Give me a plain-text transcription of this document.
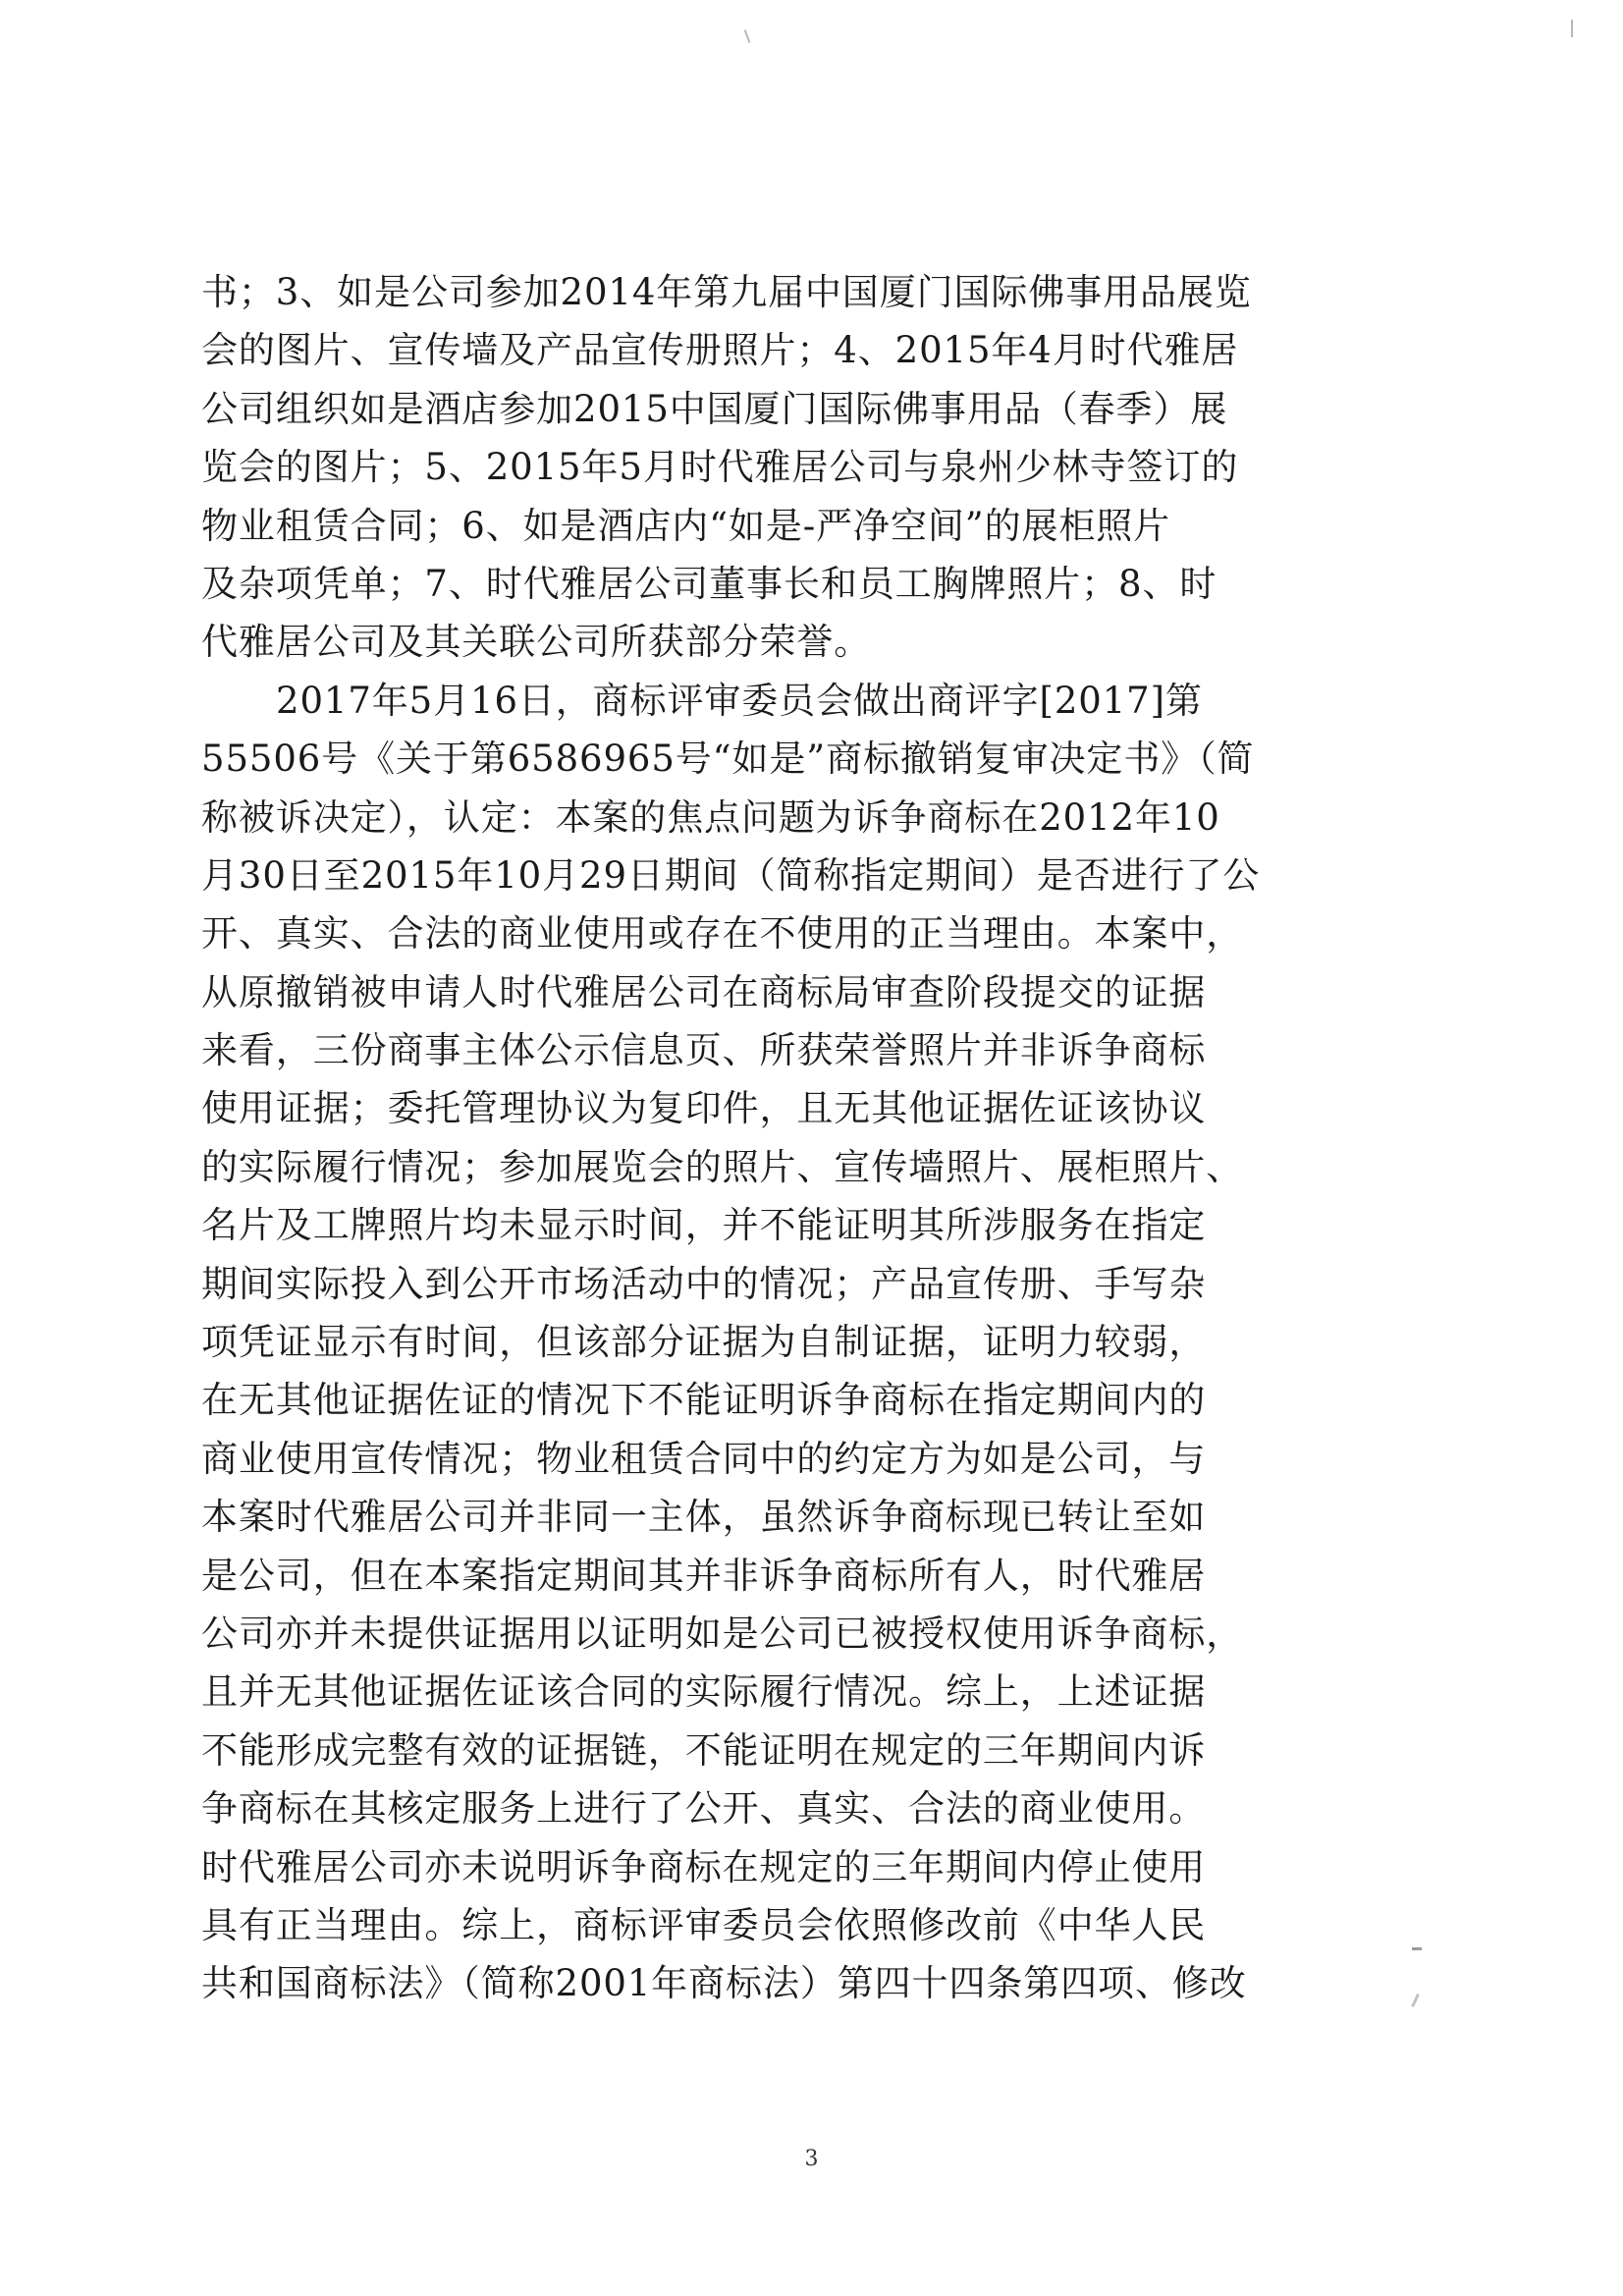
书；3、如是公司参加2014年第九届中国厦门国际佛事用品展览
会的图片、宣传墙及产品宣传册照片；4、2015年4月时代雅居
公司组织如是酒店参加2015中国厦门国际佛事用品（春季）展
览会的图片；5、2015年5月时代雅居公司与泉州少林寺签订的
物业租赁合同；6、如是酒店内“如是-严净空间”的展柜照片
及杂项凭单；7、时代雅居公司董事长和员工胸牌照片；8、时
代雅居公司及其关联公司所获部分荣誉。
2017年5月16日，商标评审委员会做出商评字[2017]第
55506号《关于第6586965号“如是”商标撤销复审决定书》（简
称被诉决定），认定：本案的焦点问题为诉争商标在2012年10
月30日至2015年10月29日期间（简称指定期间）是否进行了公
开、真实、合法的商业使用或存在不使用的正当理由。本案中，
从原撤销被申请人时代雅居公司在商标局审查阶段提交的证据
来看，三份商事主体公示信息页、所获荣誉照片并非诉争商标
使用证据；委托管理协议为复印件，且无其他证据佐证该协议
的实际履行情况；参加展览会的照片、宣传墙照片、展柜照片、
名片及工牌照片均未显示时间，并不能证明其所涉服务在指定
期间实际投入到公开市场活动中的情况；产品宣传册、手写杂
项凭证显示有时间，但该部分证据为自制证据，证明力较弱，
在无其他证据佐证的情况下不能证明诉争商标在指定期间内的
商业使用宣传情况；物业租赁合同中的约定方为如是公司，与
本案时代雅居公司并非同一主体，虽然诉争商标现已转让至如
是公司，但在本案指定期间其并非诉争商标所有人，时代雅居
公司亦并未提供证据用以证明如是公司已被授权使用诉争商标，
且并无其他证据佐证该合同的实际履行情况。综上，上述证据
不能形成完整有效的证据链，不能证明在规定的三年期间内诉
争商标在其核定服务上进行了公开、真实、合法的商业使用。
时代雅居公司亦未说明诉争商标在规定的三年期间内停止使用
具有正当理由。综上，商标评审委员会依照修改前《中华人民
共和国商标法》（简称2001年商标法）第四十四条第四项、修改
3
